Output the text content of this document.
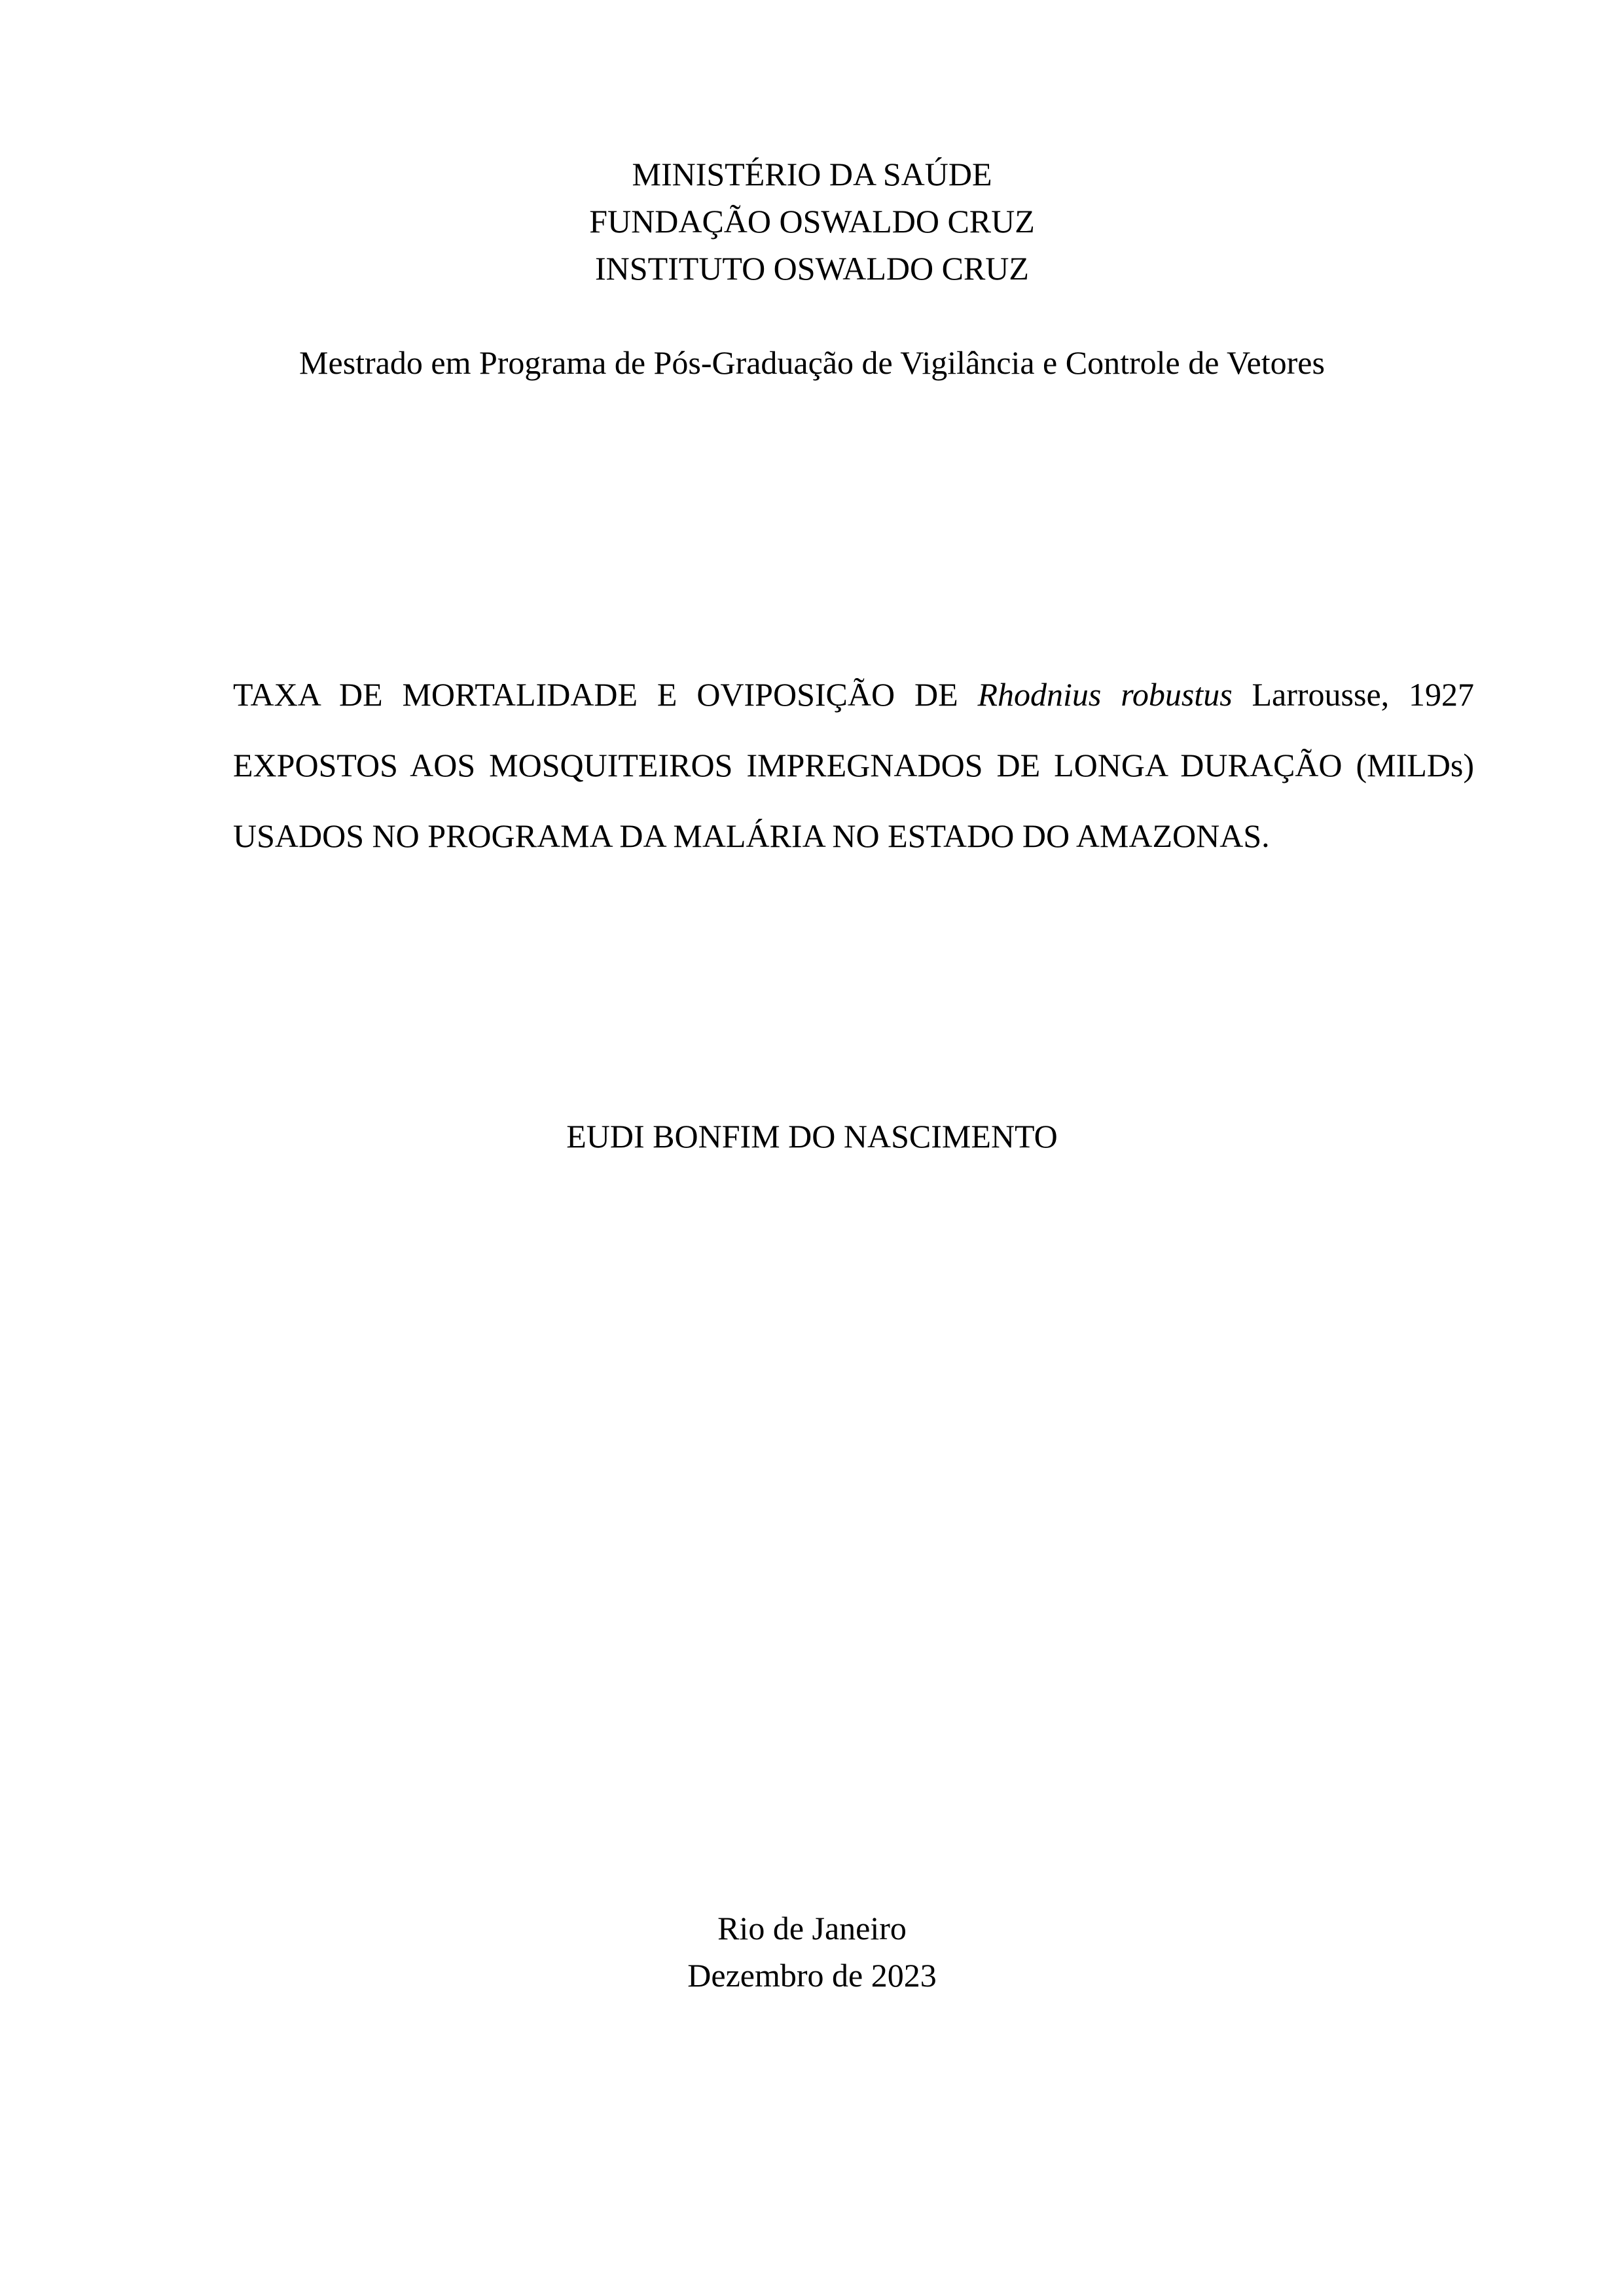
MINISTÉRIO DA SAÚDE

FUNDAÇÃO OSWALDO CRUZ

INSTITUTO OSWALDO CRUZ

Mestrado em Programa de Pós-Graduação de Vigilância e Controle de Vetores

TAXA DE MORTALIDADE E OVIPOSIÇÃO DE Rhodnius robustus Larrousse, 1927
EXPOSTOS AOS MOSQUITEIROS IMPREGNADOS DE LONGA DURAÇÃO (MILDs)
USADOS NO PROGRAMA DA MALÁRIA NO ESTADO DO AMAZONAS.

EUDI BONFIM DO NASCIMENTO

Rio de Janeiro

Dezembro de 2023
